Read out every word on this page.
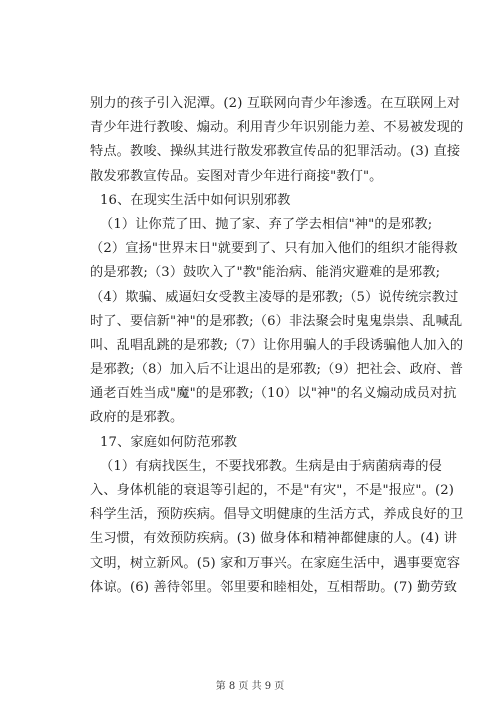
别力的孩子引入泥潭。(2) 互联网向青少年渗透。在互联网上对
青少年进行教唆、煽动。利用青少年识别能力差、不易被发现的
特点。教唆、操纵其进行散发邪教宣传品的犯罪活动。(3) 直接
散发邪教宣传品。妄图对青少年进行商接"教仃"。
16、在现实生活中如何识别邪教
（1）让你荒了田、抛了家、弃了学去相信"神"的是邪教;
（2）宣扬"世界末日"就要到了、只有加入他们的组织才能得救
的是邪教;（3）鼓吹入了"教"能治病、能消灾避难的是邪教;
（4）欺骗、威逼妇女受教主凌辱的是邪教;（5）说传统宗教过
时了、要信新"神"的是邪教;（6）非法聚会时鬼鬼祟祟、乱喊乱
叫、乱唱乱跳的是邪教;（7）让你用骗人的手段诱骗他人加入的
是邪教;（8）加入后不让退出的是邪教;（9）把社会、政府、普
通老百姓当成"魔"的是邪教;（10）以"神"的名义煽动成员对抗
政府的是邪教。
17、家庭如何防范邪教
（1）有病找医生，不要找邪教。生病是由于病菌病毒的侵
入、身体机能的衰退等引起的，不是"有灾"，不是"报应"。(2)
科学生活，预防疾病。倡导文明健康的生活方式，养成良好的卫
生习惯，有效预防疾病。(3) 做身体和精神都健康的人。(4) 讲
文明，树立新风。(5) 家和万事兴。在家庭生活中，遇事要宽容
体谅。(6) 善待邻里。邻里要和睦相处，互相帮助。(7) 勤劳致
第 8 页 共 9 页
